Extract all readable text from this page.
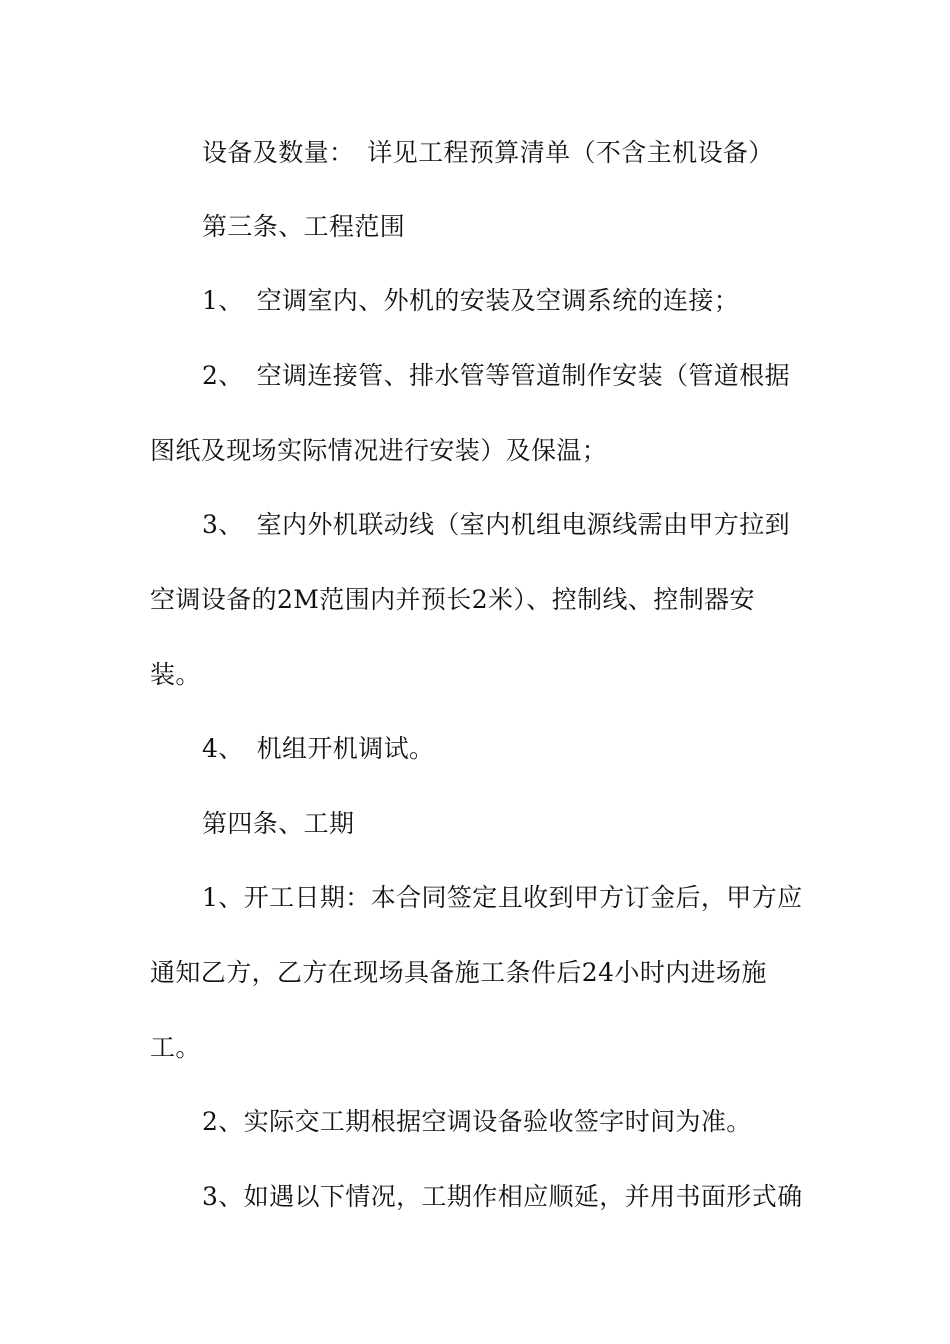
设备及数量：　详见工程预算清单（不含主机设备）
第三条、工程范围
1、　空调室内、外机的安装及空调系统的连接；
2、　空调连接管、排水管等管道制作安装（管道根据
图纸及现场实际情况进行安装）及保温；
3、　室内外机联动线（室内机组电源线需由甲方拉到
空调设备的2M范围内并预长2米）、控制线、控制器安
装。
4、　机组开机调试。
第四条、工期
1、开工日期：本合同签定且收到甲方订金后，甲方应
通知乙方，乙方在现场具备施工条件后24小时内进场施
工。
2、实际交工期根据空调设备验收签字时间为准。
3、如遇以下情况，工期作相应顺延，并用书面形式确
